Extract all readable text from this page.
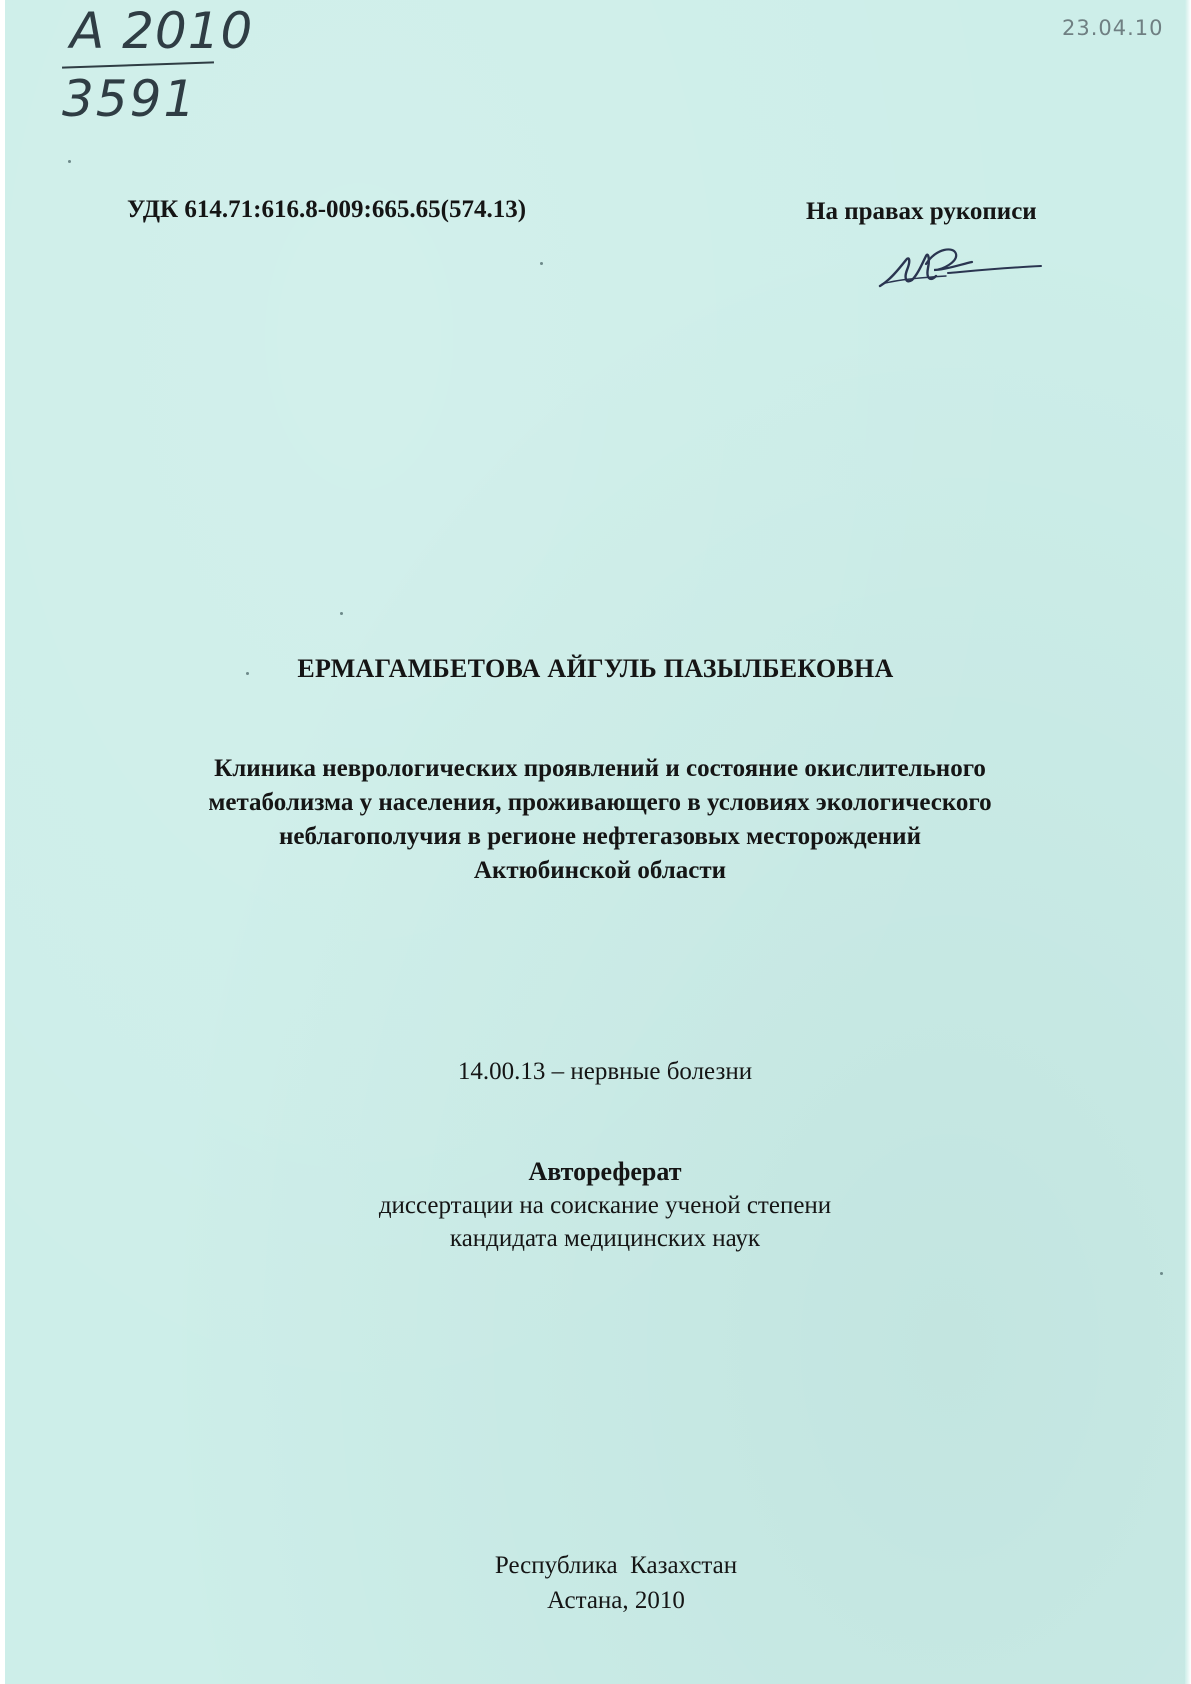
А 2010
3591
23.04.10
УДК 614.71:616.8-009:665.65(574.13)	На правах рукописи
ЕРМАГАМБЕТОВА АЙГУЛЬ ПАЗЫЛБЕКОВНА
Клиника неврологических проявлений и состояние окислительного
метаболизма у населения, проживающего в условиях экологического
неблагополучия в регионе нефтегазовых месторождений
Актюбинской области
14.00.13 – нервные болезни
Автореферат
диссертации на соискание ученой степени
кандидата медицинских наук
Республика  Казахстан
Астана, 2010
